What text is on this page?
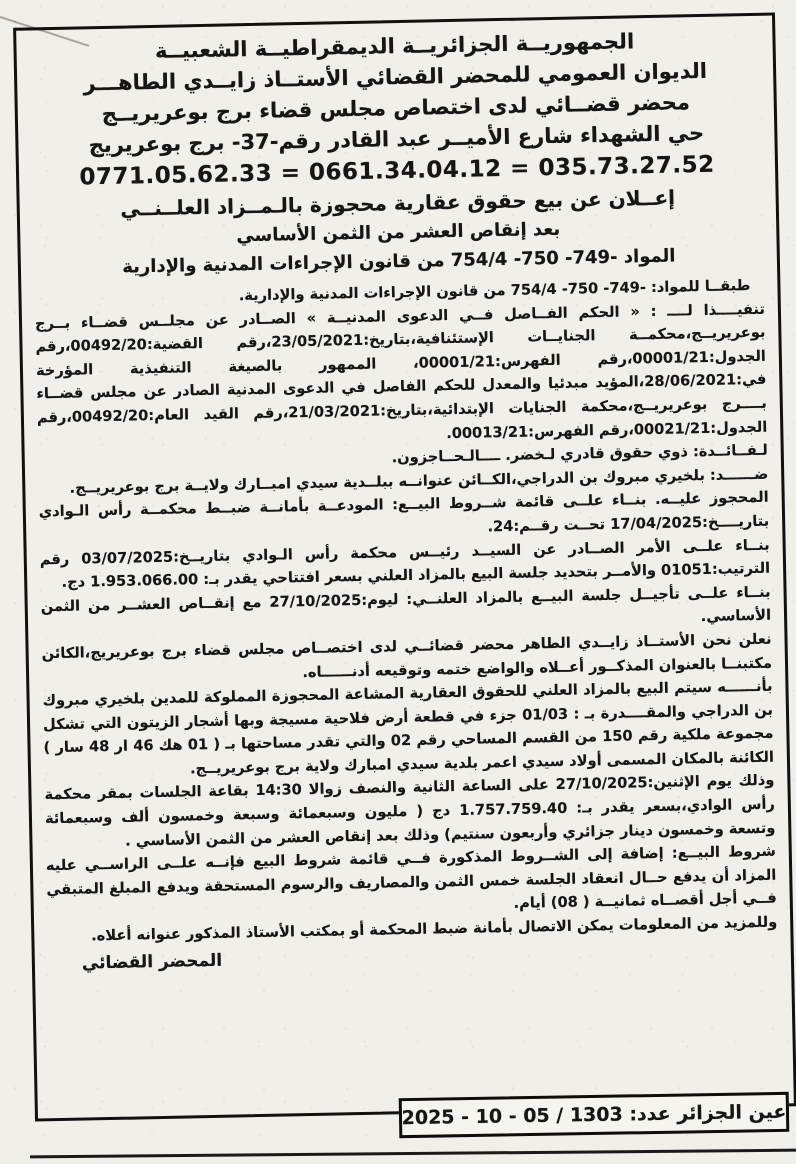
الجمهوريــة الجزائريــة الديمقراطيــة الشعبيــة
الديوان العمومي للمحضر القضائي الأستــاذ زايــدي الطاهـــر
محضر قضــائي لدى اختصاص مجلس قضاء برج بوعريريــج
حي الشهداء شارع الأميــر عبد القادر رقم-37- برج بوعريريج
0771.05.62.33 = 0661.34.04.12 = 035.73.27.52
إعــلان عن بيع حقوق عقارية محجوزة بالـمــزاد العلــنــي
بعد إنقاص العشر من الثمن الأساسي
المواد -749- 750- 754/4 من قانون الإجراءات المدنية والإدارية

طبقــا للمواد: -749- 750- 754/4 من قانون الإجراءات المدنية والإدارية.

تنفيــــذا لــــ : « الحكم الفــاصل فــي الدعوى المدنيــة » الصــادر عن مجلــس قضــاء بــرج بوعريريــج،محكمــة الجنايــات الإستئنافية،بتاريخ:23/05/2021،رقم القضية:00492/20،رقم الجدول:00001/21،رقم الفهرس:00001/21، الممهور بالصيغة التنفيذية المؤرخة في:28/06/2021،المؤيد مبدئيا والمعدل للحكم الفاصل في الدعوى المدنية الصادر عن مجلس قضــاء بــــرج بوعريريــج،محكمة الجنايات الإبتدائية،بتاريخ:21/03/2021،رقم القيد العام:00492/20،رقم الجدول:00021/21،رقم الفهرس:00013/21.

لـفــائــدة: ذوي حقوق قادري لـخضر. ــــالـحــاجزون.

ضــــــد: بلخيري مبروك بن الدراجي،الكــائن عنوانــه ببلــدية سيدي امبــارك ولايــة برج بوعريريــج.

المحجوز عليــه. بنــاء علــى قائمة شــروط البيــع: المودعــة بأمانــة ضبــط محكمــة رأس الـوادي بتاريــــخ:17/04/2025 تحــت رقــم:24.

بنــاء علــى الأمر الصــادر عن السيــد رئيــس محكمة رأس الـوادي بتاريــخ:03/07/2025 رقم الترتيب:01051 والأمــر بتحديد جلسة البيع بالمزاد العلني بسعر افتتاحي يقدر بـ: 1.953.066.00 دج.

بنــاء علــى تأجيــل جلسة البيــع بالمزاد العلنــي: ليوم:27/10/2025 مع إنقــاص العشــر من الثمن الأساسي.

نعلن نحن الأستــاذ زايــدي الطاهر محضر قضائــي لدى اختصــاص مجلس قضاء برج بوعريريج،الكائن مكتبنــا بالعنوان المذكــور أعــلاه والواضع ختمه وتوقيعه أدنــــــاه.

بأنــــــه سيتم البيع بالمزاد العلني للحقوق العقارية المشاعة المحجوزة المملوكة للمدين بلخيري مبروك بن الدراجي والمقــــدرة بـ : 01/03 جزء في قطعة أرض فلاحية مسيجة وبها أشجار الزيتون التي تشكل مجموعة ملكية رقم 150 من القسم المساحي رقم 02 والتي تقدر مساحتها بـ ( 01 هك 46 ار 48 سار ) الكائنة بالمكان المسمى أولاد سيدي اعمر بلدية سيدي امبارك ولاية برج بوعريريــج.

وذلك يوم الإثنين:27/10/2025 على الساعة الثانية والنصف زوالا 14:30 بقاعة الجلسات بمقر محكمة رأس الوادي،بسعر يقدر بـ: 1.757.759.40 دج ( مليون وسبعمائة وسبعة وخمسون ألف وسبعمائة وتسعة وخمسون دينار جزائري وأربعون سنتيم) وذلك بعد إنقاص العشر من الثمن الأساسي .

شروط البيــع: إضافة إلى الشــروط المذكورة فــي قائمة شروط البيع فإنــه علــى الراســي عليه المزاد أن يدفع حــال انعقاد الجلسة خمس الثمن والمصاريف والرسوم المستحقة ويدفع المبلغ المتبقي فــي أجل أقصــاه ثمانيــة ( 08) أيام.

وللمزيد من المعلومات يمكن الاتصال بأمانة ضبط المحكمة أو بمكتب الأستاذ المذكور عنوانه أعلاه.

المحضر القضائي
عين الجزائر عدد: 1303 / 05 - 10 - 2025
